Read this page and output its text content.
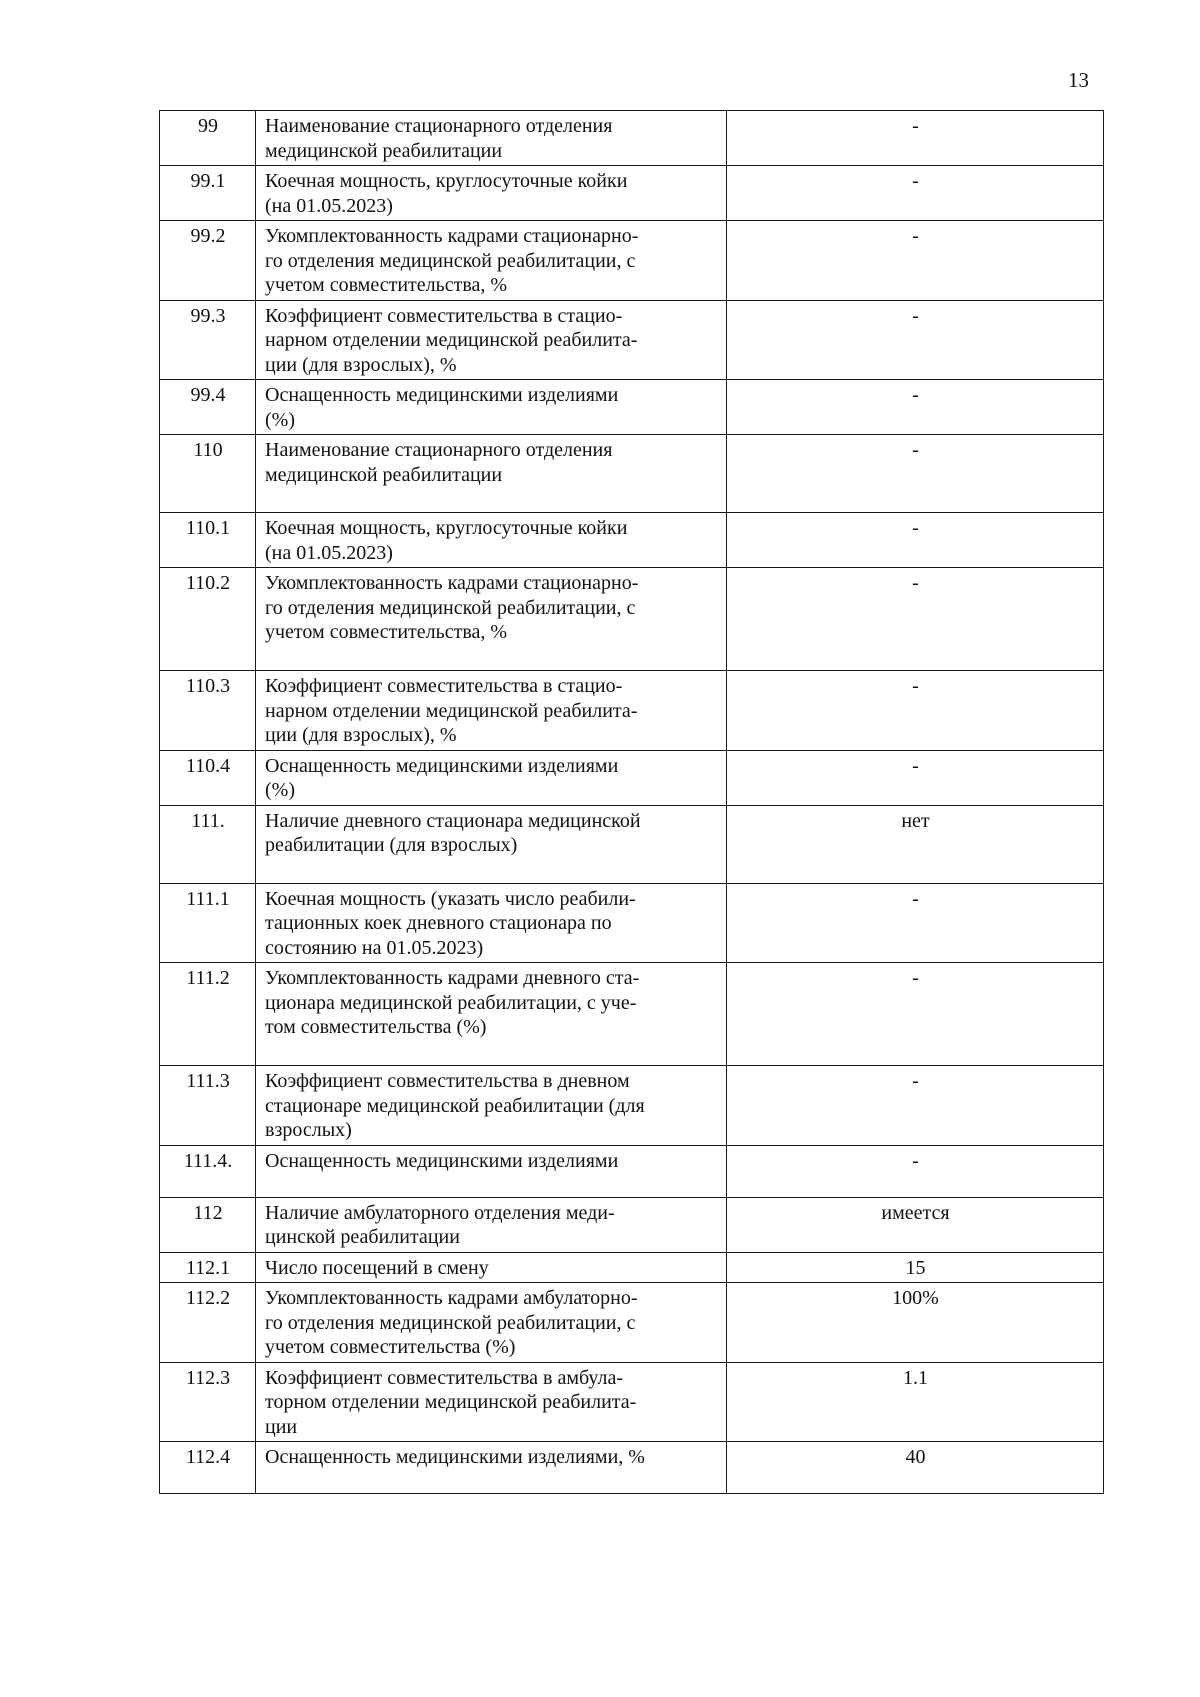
13
99	Наименование стационарного отделения
медицинской реабилитации	-
99.1	Коечная мощность, круглосуточные койки
(на 01.05.2023)	-
99.2	Укомплектованность кадрами стационарно-
го отделения медицинской реабилитации, с
учетом совместительства, %	-
99.3	Коэффициент совместительства в стацио-
нарном отделении медицинской реабилита-
ции (для взрослых), %	-
99.4	Оснащенность медицинскими изделиями
(%)	-
110	Наименование стационарного отделения
медицинской реабилитации	-
110.1	Коечная мощность, круглосуточные койки
(на 01.05.2023)	-
110.2	Укомплектованность кадрами стационарно-
го отделения медицинской реабилитации, с
учетом совместительства, %	-
110.3	Коэффициент совместительства в стацио-
нарном отделении медицинской реабилита-
ции (для взрослых), %	-
110.4	Оснащенность медицинскими изделиями
(%)	-
111.	Наличие дневного стационара медицинской
реабилитации (для взрослых)	нет
111.1	Коечная мощность (указать число реабили-
тационных коек дневного стационара по
состоянию на 01.05.2023)	-
111.2	Укомплектованность кадрами дневного ста-
ционара медицинской реабилитации, с уче-
том совместительства (%)	-
111.3	Коэффициент совместительства в дневном
стационаре медицинской реабилитации (для
взрослых)	-
111.4.	Оснащенность медицинскими изделиями	-
112	Наличие амбулаторного отделения меди-
цинской реабилитации	имеется
112.1	Число посещений в смену	15
112.2	Укомплектованность кадрами амбулаторно-
го отделения медицинской реабилитации, с
учетом совместительства (%)	100%
112.3	Коэффициент совместительства в амбула-
торном отделении медицинской реабилита-
ции	1.1
112.4	Оснащенность медицинскими изделиями, %	40
